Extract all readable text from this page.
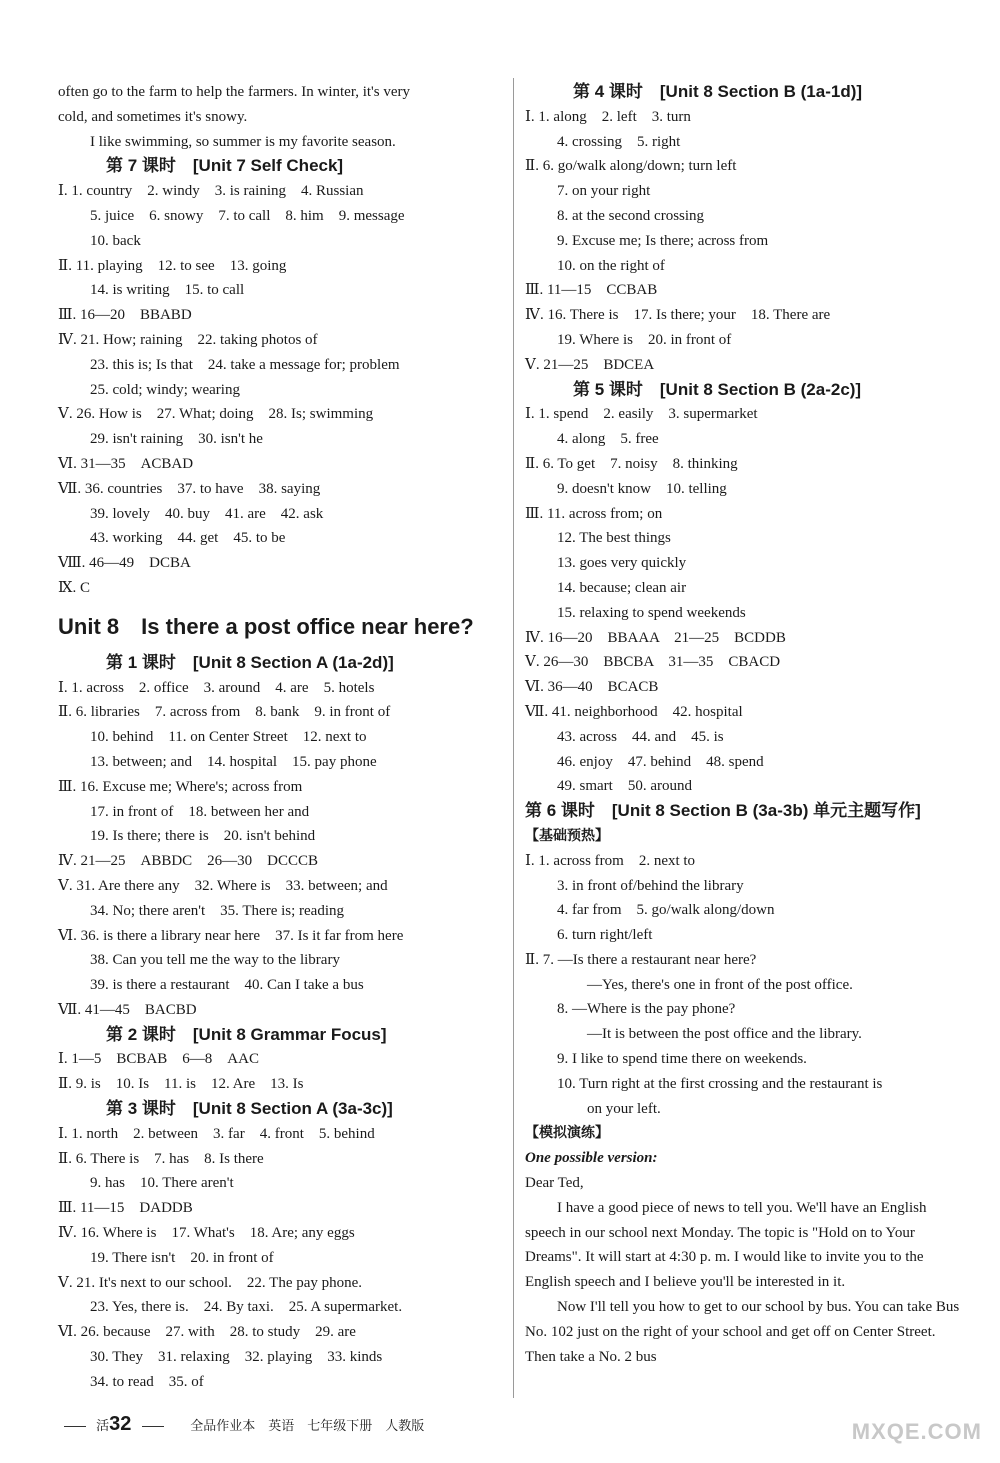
often go to the farm to help the farmers. In winter, it's very
cold, and sometimes it's snowy.
I like swimming, so summer is my favorite season.
第 7 课时　[Unit 7 Self Check]
Ⅰ. 1. country　2. windy　3. is raining　4. Russian
5. juice　6. snowy　7. to call　8. him　9. message
10. back
Ⅱ. 11. playing　12. to see　13. going
14. is writing　15. to call
Ⅲ. 16—20　BBABD
Ⅳ. 21. How; raining　22. taking photos of
23. this is; Is that　24. take a message for; problem
25. cold; windy; wearing
Ⅴ. 26. How is　27. What; doing　28. Is; swimming
29. isn't raining　30. isn't he
Ⅵ. 31—35　ACBAD
Ⅶ. 36. countries　37. to have　38. saying
39. lovely　40. buy　41. are　42. ask
43. working　44. get　45. to be
Ⅷ. 46—49　DCBA
Ⅸ. C
Unit 8　Is there a post office near here?
第 1 课时　[Unit 8 Section A (1a-2d)]
Ⅰ. 1. across　2. office　3. around　4. are　5. hotels
Ⅱ. 6. libraries　7. across from　8. bank　9. in front of
10. behind　11. on Center Street　12. next to
13. between; and　14. hospital　15. pay phone
Ⅲ. 16. Excuse me; Where's; across from
17. in front of　18. between her and
19. Is there; there is　20. isn't behind
Ⅳ. 21—25　ABBDC　26—30　DCCCB
Ⅴ. 31. Are there any　32. Where is　33. between; and
34. No; there aren't　35. There is; reading
Ⅵ. 36. is there a library near here　37. Is it far from here
38. Can you tell me the way to the library
39. is there a restaurant　40. Can I take a bus
Ⅶ. 41—45　BACBD
第 2 课时　[Unit 8 Grammar Focus]
Ⅰ. 1—5　BCBAB　6—8　AAC
Ⅱ. 9. is　10. Is　11. is　12. Are　13. Is
第 3 课时　[Unit 8 Section A (3a-3c)]
Ⅰ. 1. north　2. between　3. far　4. front　5. behind
Ⅱ. 6. There is　7. has　8. Is there
9. has　10. There aren't
Ⅲ. 11—15　DADDB
Ⅳ. 16. Where is　17. What's　18. Are; any eggs
19. There isn't　20. in front of
Ⅴ. 21. It's next to our school.　22. The pay phone.
23. Yes, there is.　24. By taxi.　25. A supermarket.
Ⅵ. 26. because　27. with　28. to study　29. are
30. They　31. relaxing　32. playing　33. kinds
34. to read　35. of
第 4 课时　[Unit 8 Section B (1a-1d)]
Ⅰ. 1. along　2. left　3. turn
4. crossing　5. right
Ⅱ. 6. go/walk along/down; turn left
7. on your right
8. at the second crossing
9. Excuse me; Is there; across from
10. on the right of
Ⅲ. 11—15　CCBAB
Ⅳ. 16. There is　17. Is there; your　18. There are
19. Where is　20. in front of
Ⅴ. 21—25　BDCEA
第 5 课时　[Unit 8 Section B (2a-2c)]
Ⅰ. 1. spend　2. easily　3. supermarket
4. along　5. free
Ⅱ. 6. To get　7. noisy　8. thinking
9. doesn't know　10. telling
Ⅲ. 11. across from; on
12. The best things
13. goes very quickly
14. because; clean air
15. relaxing to spend weekends
Ⅳ. 16—20　BBAAA　21—25　BCDDB
Ⅴ. 26—30　BBCBA　31—35　CBACD
Ⅵ. 36—40　BCACB
Ⅶ. 41. neighborhood　42. hospital
43. across　44. and　45. is
46. enjoy　47. behind　48. spend
49. smart　50. around
第 6 课时　[Unit 8 Section B (3a-3b) 单元主题写作]
【基础预热】
Ⅰ. 1. across from　2. next to
3. in front of/behind the library
4. far from　5. go/walk along/down
6. turn right/left
Ⅱ. 7. —Is there a restaurant near here?
—Yes, there's one in front of the post office.
8. —Where is the pay phone?
—It is between the post office and the library.
9. I like to spend time there on weekends.
10. Turn right at the first crossing and the restaurant is
on your left.
【模拟演练】
One possible version:
Dear Ted,
I have a good piece of news to tell you. We'll have an English speech in our school next Monday. The topic is "Hold on to Your Dreams". It will start at 4:30 p. m. I would like to invite you to the English speech and I believe you'll be interested in it.
Now I'll tell you how to get to our school by bus. You can take Bus No. 102 just on the right of your school and get off on Center Street. Then take a No. 2 bus
活32	全品作业本　英语　七年级下册　人教版	MXQE.COM
